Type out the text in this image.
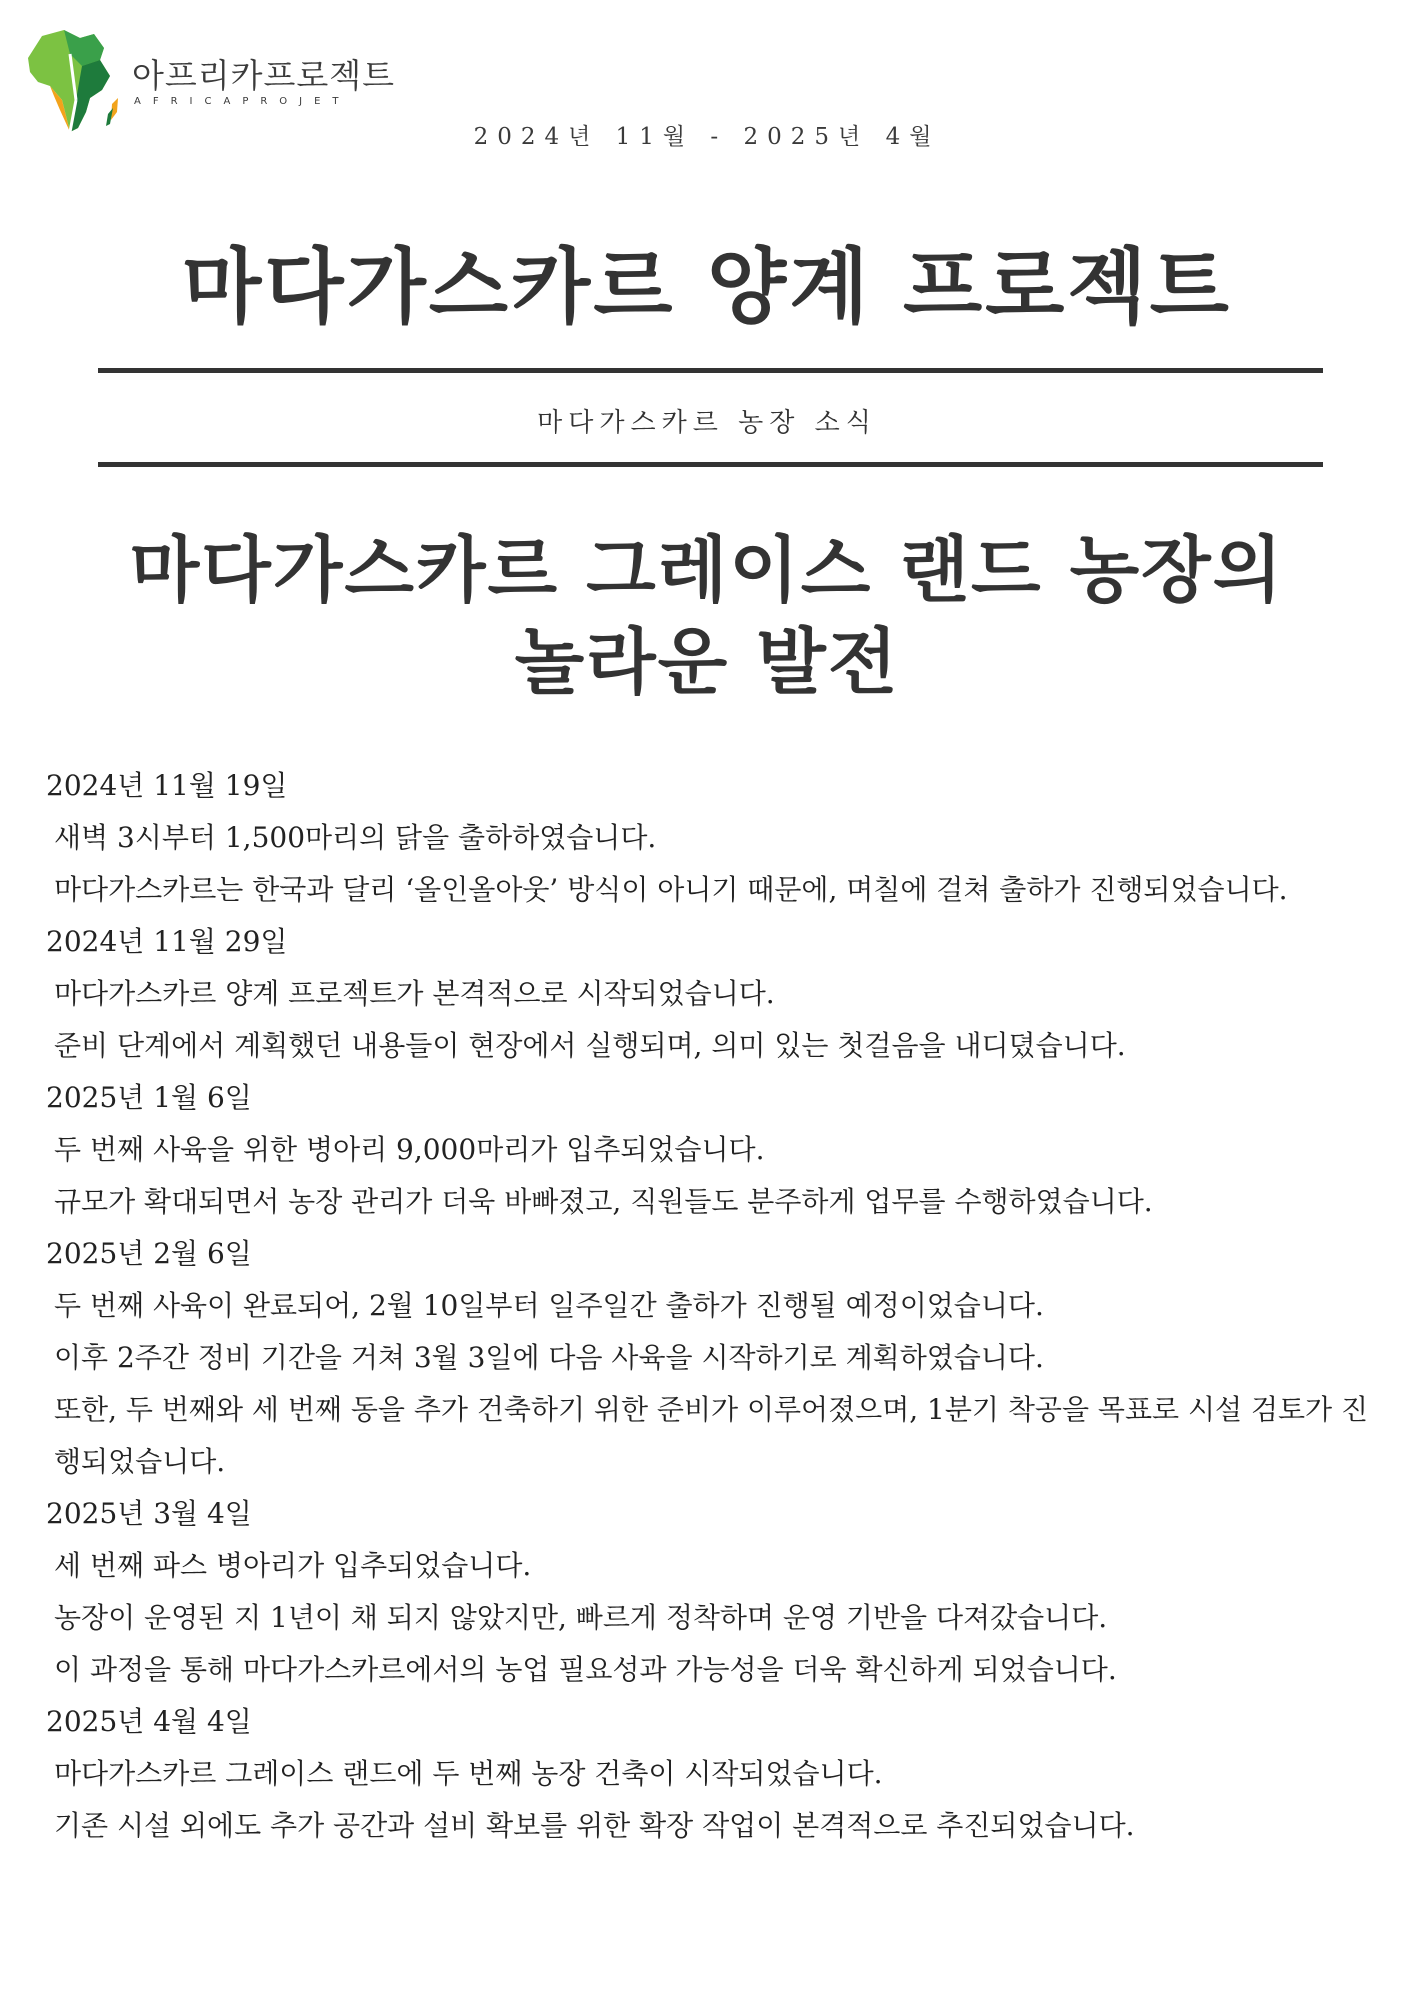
아프리카프로젝트
AFRICAPROJET
2024년 11월 - 2025년 4월
마다가스카르 양계 프로젝트
마다가스카르 농장 소식
마다가스카르 그레이스 랜드 농장의
놀라운 발전
2024년 11월 19일
새벽 3시부터 1,500마리의 닭을 출하하였습니다.
마다가스카르는 한국과 달리 ‘올인올아웃’ 방식이 아니기 때문에, 며칠에 걸쳐 출하가 진행되었습니다.
2024년 11월 29일
마다가스카르 양계 프로젝트가 본격적으로 시작되었습니다.
준비 단계에서 계획했던 내용들이 현장에서 실행되며, 의미 있는 첫걸음을 내디뎠습니다.
2025년 1월 6일
두 번째 사육을 위한 병아리 9,000마리가 입추되었습니다.
규모가 확대되면서 농장 관리가 더욱 바빠졌고, 직원들도 분주하게 업무를 수행하였습니다.
2025년 2월 6일
두 번째 사육이 완료되어, 2월 10일부터 일주일간 출하가 진행될 예정이었습니다.
이후 2주간 정비 기간을 거쳐 3월 3일에 다음 사육을 시작하기로 계획하였습니다.
또한, 두 번째와 세 번째 동을 추가 건축하기 위한 준비가 이루어졌으며, 1분기 착공을 목표로 시설 검토가 진행되었습니다.
2025년 3월 4일
세 번째 파스 병아리가 입추되었습니다.
농장이 운영된 지 1년이 채 되지 않았지만, 빠르게 정착하며 운영 기반을 다져갔습니다.
이 과정을 통해 마다가스카르에서의 농업 필요성과 가능성을 더욱 확신하게 되었습니다.
2025년 4월 4일
마다가스카르 그레이스 랜드에 두 번째 농장 건축이 시작되었습니다.
기존 시설 외에도 추가 공간과 설비 확보를 위한 확장 작업이 본격적으로 추진되었습니다.
